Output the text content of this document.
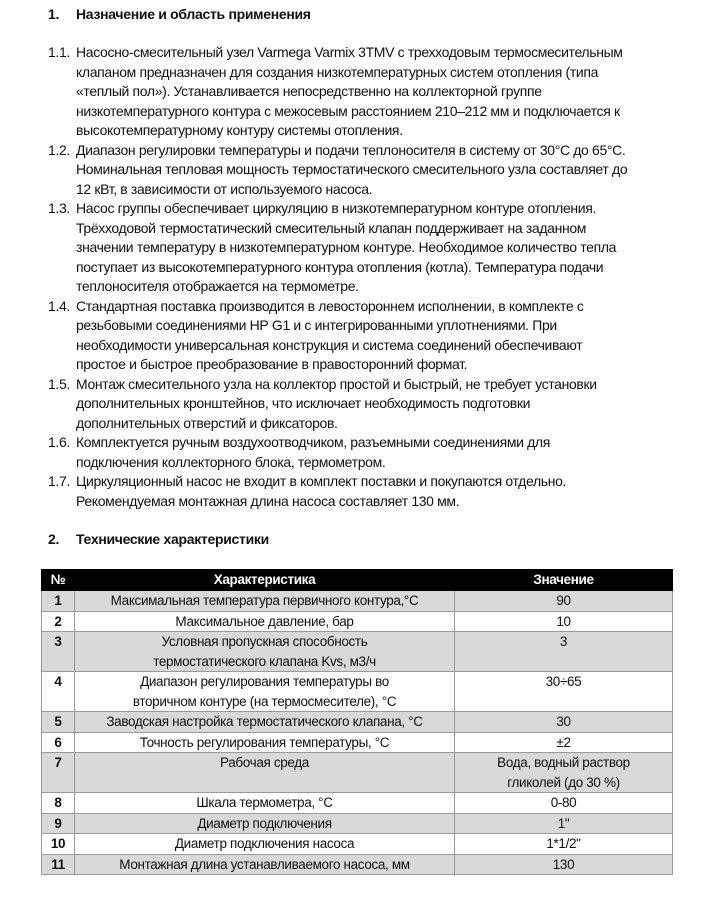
1. Назначение и область применения
1.1. Насосно-смесительный узел Varmega Varmix 3TMV с трехходовым термосмесительным
клапаном предназначен для создания низкотемпературных систем отопления (типа
«теплый пол»). Устанавливается непосредственно на коллекторной группе
низкотемпературного контура с межосевым расстоянием 210–212 мм и подключается к
высокотемпературному контуру системы отопления.
1.2. Диапазон регулировки температуры и подачи теплоносителя в систему от 30°C до 65°C.
Номинальная тепловая мощность термостатического смесительного узла составляет до
12 кВт, в зависимости от используемого насоса.
1.3. Насос группы обеспечивает циркуляцию в низкотемпературном контуре отопления.
Трёхходовой термостатический смесительный клапан поддерживает на заданном
значении температуру в низкотемпературном контуре. Необходимое количество тепла
поступает из высокотемпературного контура отопления (котла). Температура подачи
теплоносителя отображается на термометре.
1.4. Стандартная поставка производится в левостороннем исполнении, в комплекте с
резьбовыми соединениями НР G1 и с интегрированными уплотнениями. При
необходимости универсальная конструкция и система соединений обеспечивают
простое и быстрое преобразование в правосторонний формат.
1.5. Монтаж смесительного узла на коллектор простой и быстрый, не требует установки
дополнительных кронштейнов, что исключает необходимость подготовки
дополнительных отверстий и фиксаторов.
1.6. Комплектуется ручным воздухоотводчиком, разъемными соединениями для
подключения коллекторного блока, термометром.
1.7. Циркуляционный насос не входит в комплект поставки и покупаются отдельно.
Рекомендуемая монтажная длина насоса составляет 130 мм.
2. Технические характеристики
№	Характеристика	Значение
1	Максимальная температура первичного контура,°С	90

2	Максимальное давление, бар	10

3	Условная пропускная способность
термостатического клапана Kvs, м3/ч	3

4	Диапазон регулирования температуры во
вторичном контуре (на термосмесителе), °С	30÷65

5	Заводская настройка термостатического клапана, °С	30

6	Точность регулирования температуры, °С	±2

7	Рабочая среда	Вода, водный раствор
гликолей (до 30 %)

8	Шкала термометра, °С	0-80

9	Диаметр подключения	1"

10	Диаметр подключения насоса	1*1/2"

11	Монтажная длина устанавливаемого насоса, мм	130
